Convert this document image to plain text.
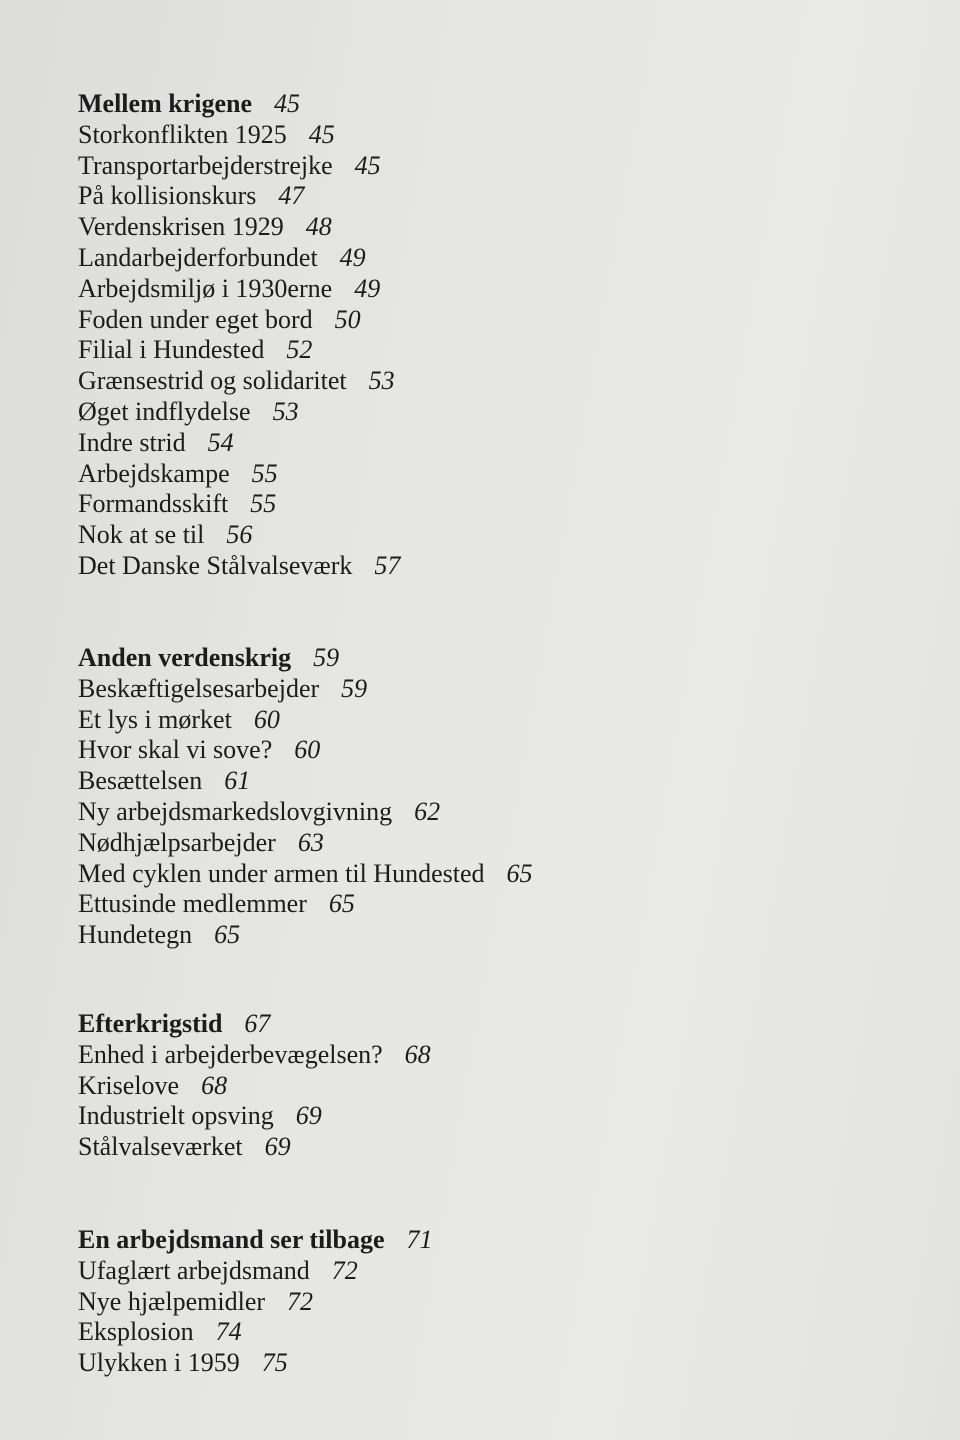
Mellem krigene 45
Storkonflikten 1925 45
Transportarbejderstrejke 45
På kollisionskurs 47
Verdenskrisen 1929 48
Landarbejderforbundet 49
Arbejdsmiljø i 1930erne 49
Foden under eget bord 50
Filial i Hundested 52
Grænsestrid og solidaritet 53
Øget indflydelse 53
Indre strid 54
Arbejdskampe 55
Formandsskift 55
Nok at se til 56
Det Danske Stålvalseværk 57
Anden verdenskrig 59
Beskæftigelsesarbejder 59
Et lys i mørket 60
Hvor skal vi sove? 60
Besættelsen 61
Ny arbejdsmarkedslovgivning 62
Nødhjælpsarbejder 63
Med cyklen under armen til Hundested 65
Ettusinde medlemmer 65
Hundetegn 65
Efterkrigstid 67
Enhed i arbejderbevægelsen? 68
Kriselove 68
Industrielt opsving 69
Stålvalseværket 69
En arbejdsmand ser tilbage 71
Ufaglært arbejdsmand 72
Nye hjælpemidler 72
Eksplosion 74
Ulykken i 1959 75
